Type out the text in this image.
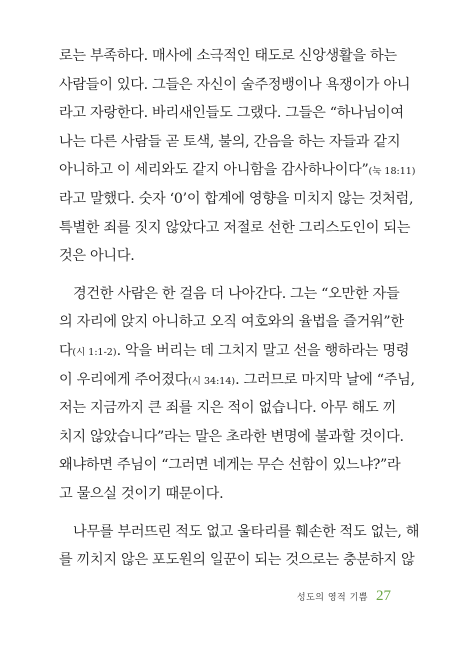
로는 부족하다. 매사에 소극적인 태도로 신앙생활을 하는
사람들이 있다. 그들은 자신이 술주정뱅이나 욕쟁이가 아니
라고 자랑한다. 바리새인들도 그랬다. 그들은 “하나님이여
나는 다른 사람들 곧 토색, 불의, 간음을 하는 자들과 같지
아니하고 이 세리와도 같지 아니함을 감사하나이다”(눅 18:11)
라고 말했다. 숫자 ‘0’이 합계에 영향을 미치지 않는 것처럼,
특별한 죄를 짓지 않았다고 저절로 선한 그리스도인이 되는
것은 아니다.
경건한 사람은 한 걸음 더 나아간다. 그는 “오만한 자들
의 자리에 앉지 아니하고 오직 여호와의 율법을 즐거워”한
다(시 1:1-2). 악을 버리는 데 그치지 말고 선을 행하라는 명령
이 우리에게 주어졌다(시 34:14). 그러므로 마지막 날에 “주님,
저는 지금까지 큰 죄를 지은 적이 없습니다. 아무 해도 끼
치지 않았습니다”라는 말은 초라한 변명에 불과할 것이다.
왜냐하면 주님이 “그러면 네게는 무슨 선함이 있느냐?”라
고 물으실 것이기 때문이다.
나무를 부러뜨린 적도 없고 울타리를 훼손한 적도 없는, 해
를 끼치지 않은 포도원의 일꾼이 되는 것으로는 충분하지 않
성도의 영적 기쁨 27
